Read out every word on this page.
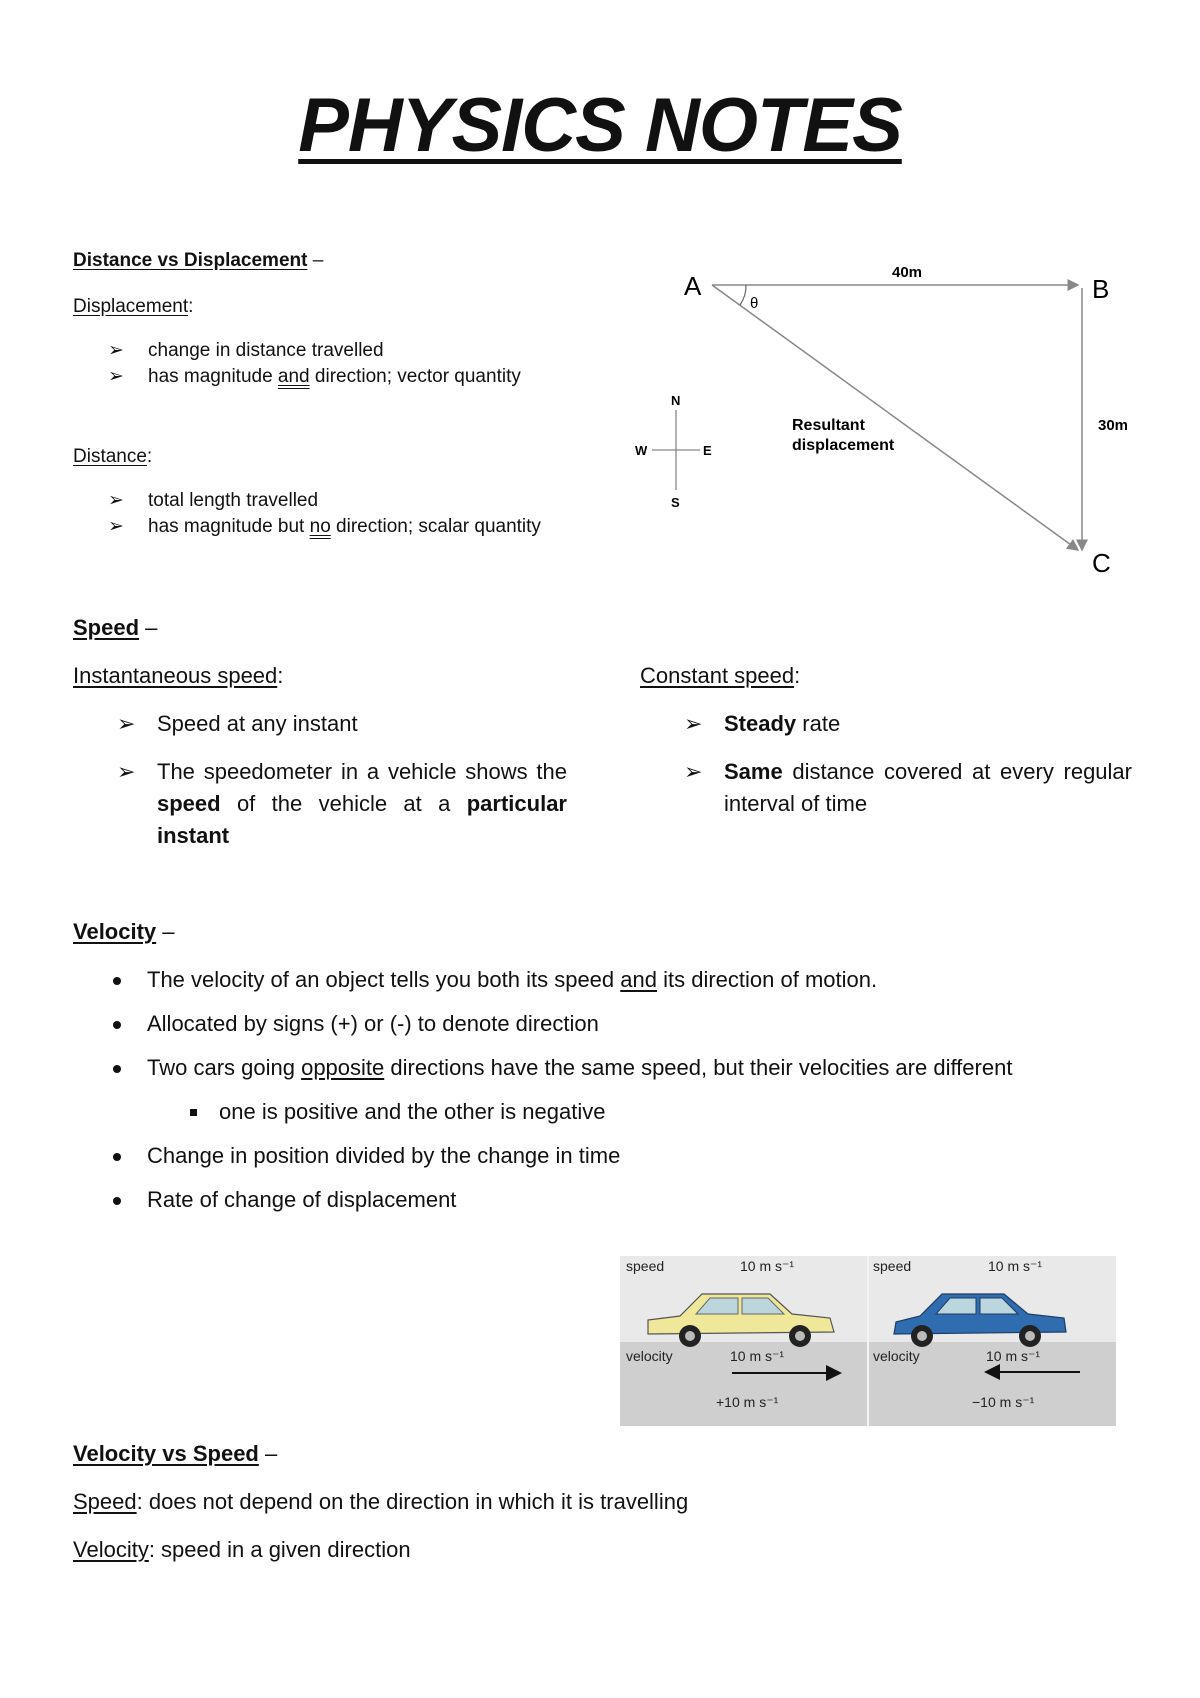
PHYSICS NOTES
Distance vs Displacement –
Displacement:
➢ change in distance travelled
➢ has magnitude and direction; vector quantity
Distance:
➢ total length travelled
➢ has magnitude but no direction; scalar quantity
A	B
C
40m
30m
θ
Resultant
displacement
N
S
E
W
Speed –
Instantaneous speed:
➢ Speed at any instant
➢ The speedometer in a vehicle shows the speed of the vehicle at a particular instant
Constant speed:
➢ Steady rate
➢ Same distance covered at every regular interval of time
Velocity –
The velocity of an object tells you both its speed and its direction of motion.
Allocated by signs (+) or (-) to denote direction
Two cars going opposite directions have the same speed, but their velocities are different
one is positive and the other is negative
Change in position divided by the change in time
Rate of change of displacement
speed	10 m s⁻¹
velocity	10 m s⁻¹
+10 m s⁻¹
speed	10 m s⁻¹
velocity	10 m s⁻¹
−10 m s⁻¹
Velocity vs Speed –
Speed: does not depend on the direction in which it is travelling
Velocity: speed in a given direction
